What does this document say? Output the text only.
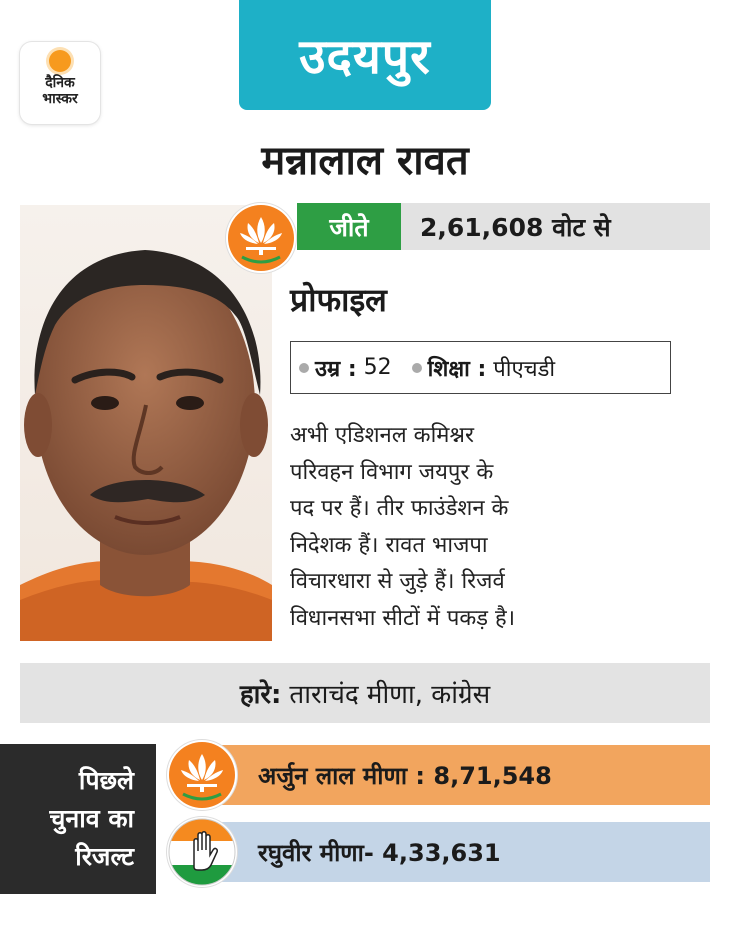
उदयपुर
दैनिक
भास्कर
मन्नालाल रावत
जीते 2,61,608 वोट से
प्रोफाइल
उम्र :
52 शिक्षा :
पीएचडी
अभी एडिशनल कमिश्नर
परिवहन विभाग जयपुर के
पद पर हैं। तीर फाउंडेशन के
निदेशक हैं। रावत भाजपा
विचारधारा से जुड़े हैं। रिजर्व
विधानसभा सीटों में पकड़ है।
हारे: ताराचंद मीणा, कांग्रेस
पिछले
चुनाव का
रिजल्ट
अर्जुन लाल मीणा : 8,71,548
रघुवीर मीणा- 4,33,631
